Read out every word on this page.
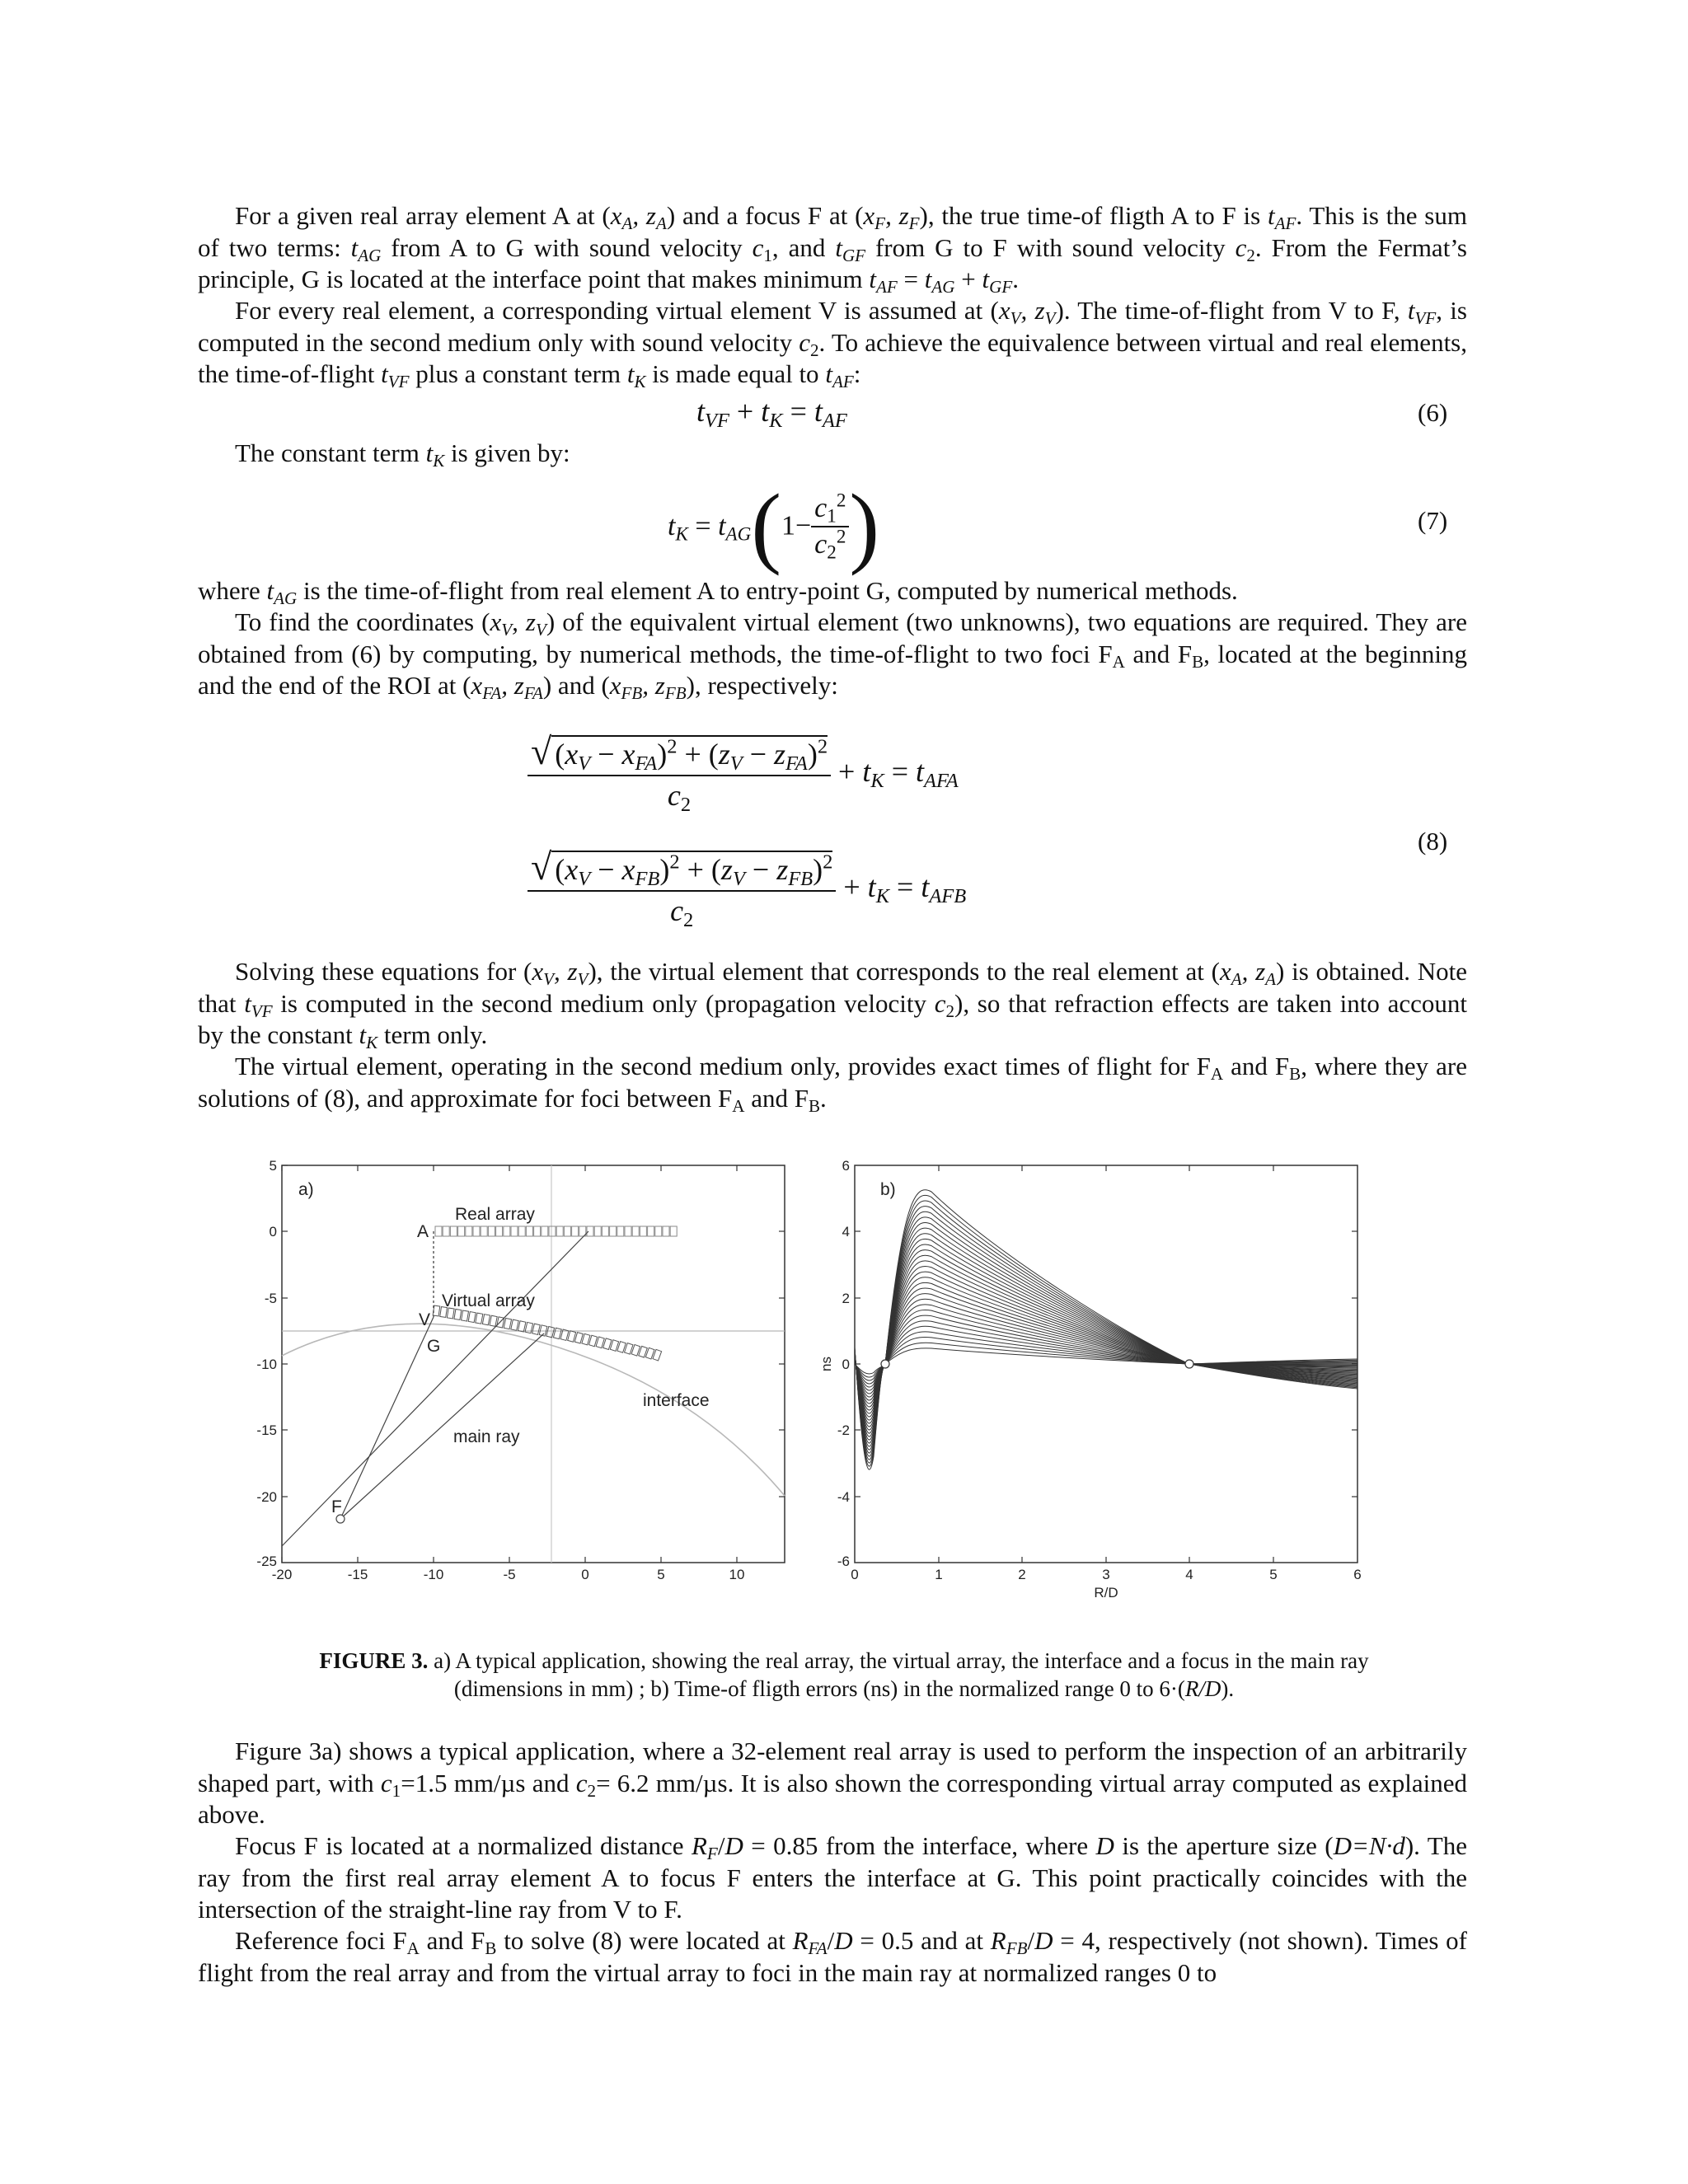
For a given real array element A at ($x_A$, $z_A$) and a focus F at ($x_F$, $z_F$), the true time-of fligth A to F is $t_{AF}$. This is the sum of two terms: $t_{AG}$ from A to G with sound velocity $c_1$, and $t_{GF}$ from G to F with sound velocity $c_2$. From the Fermat’s principle, G is located at the interface point that makes minimum $t_{AF} = t_{AG} + t_{GF}$.
For every real element, a corresponding virtual element V is assumed at ($x_V$, $z_V$). The time-of-flight from V to F, $t_{VF}$, is computed in the second medium only with sound velocity $c_2$. To achieve the equivalence between virtual and real elements, the time-of-flight $t_{VF}$ plus a constant term $t_K$ is made equal to $t_{AF}$:
$t_{VF} + t_K = t_{AF}$	(6)
The constant term $t_K$ is given by:
$t_K = t_{AG}(1- \frac{c_1^2}{c_2^2}$ )	(7)
where $t_{AG}$ is the time-of-flight from real element A to entry-point G, computed by numerical methods.
To find the coordinates ($x_V$, $z_V$) of the equivalent virtual element (two unknowns), two equations are required. They are obtained from (6) by computing, by numerical methods, the time-of-flight to two foci $F_A$ and $F_B$, located at the beginning and the end of the ROI at ($x_{FA}$, $z_{FA}$) and ($x_{FB}$, $z_{FB}$), respectively:
$\frac{√ (x_V - x_{FA})^2 + (z_V - z_{FA})^2}{c_2} + t_K = t_{AFA}$
$\frac{√ (x_V - x_{FB})^2 + (z_V - z_{FB})^2}{c_2} + t_K = t_{AFB}$
(8)
Solving these equations for ($x_V$, $z_V$), the virtual element that corresponds to the real element at ($x_A$, $z_A$) is obtained. Note that $t_{VF}$ is computed in the second medium only (propagation velocity $c_2$), so that refraction effects are taken into account by the constant $t_K$ term only.
The virtual element, operating in the second medium only, provides exact times of flight for $F_A$ and $F_B$, where they are solutions of (8), and approximate for foci between $F_A$ and $F_B$.
5
0
-5
-10
-15
-20
-25
-20	-15	-10	-5	0	5	10
a)
Real array
A
Virtual array
V
G
main ray
interface
F
6
4
2
0
-2
-4
-6
0	1	2	3	4	5	6
R/D
ns
b)
FIGURE 3. a) A typical application, showing the real array, the virtual array, the interface and a focus in the main ray
(dimensions in mm) ; b) Time-of fligth errors (ns) in the normalized range 0 to 6·(R/D).
Figure 3a) shows a typical application, where a 32-element real array is used to perform the inspection of an arbitrarily shaped part, with $c_1=1.5$ mm/µs and $c_2= 6.2$ mm/µs. It is also shown the corresponding virtual array computed as explained above.
Focus F is located at a normalized distance $R_F/D = 0.85$ from the interface, where D is the aperture size (D=N·d). The ray from the first real array element A to focus F enters the interface at G. This point practically coincides with the intersection of the straight-line ray from V to F.
Reference foci $F_A$ and $F_B$ to solve (8) were located at $R_{FA}/D = 0.5$ and at $R_{FB}/D = 4$, respectively (not shown). Times of flight from the real array and from the virtual array to foci in the main ray at normalized ranges 0 to
